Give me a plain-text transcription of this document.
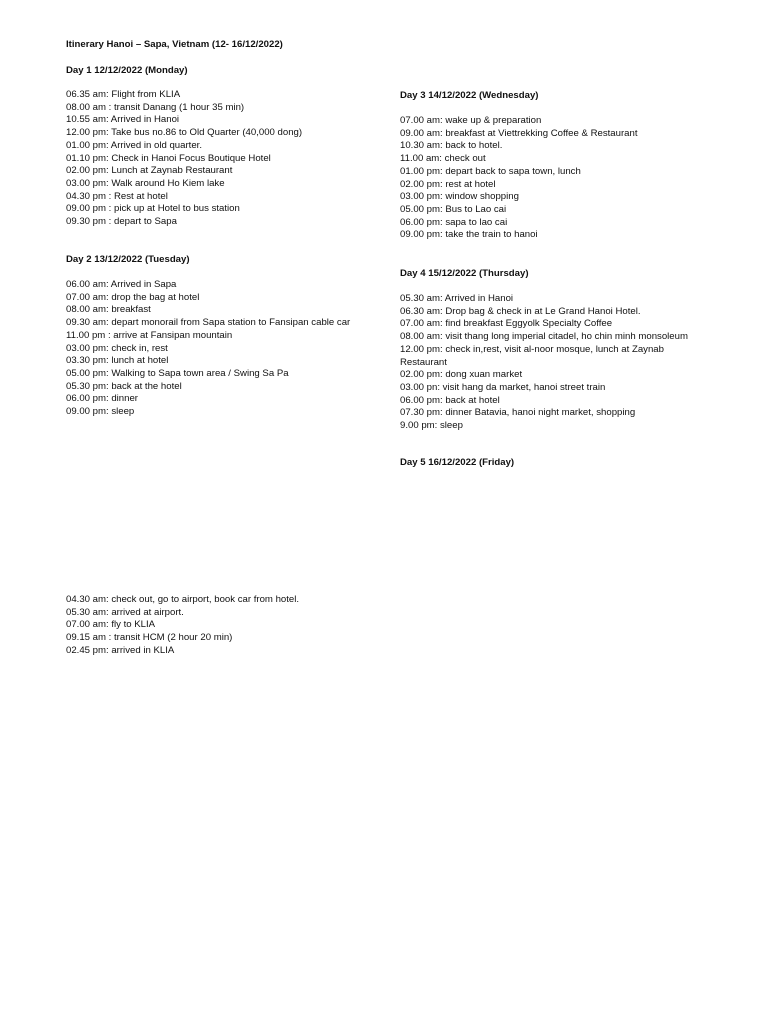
Itinerary Hanoi – Sapa, Vietnam (12- 16/12/2022)
Day 1 12/12/2022 (Monday)
06.35 am: Flight from KLIA
08.00 am : transit Danang (1 hour 35 min)
10.55 am: Arrived in Hanoi
12.00 pm: Take bus no.86 to Old Quarter (40,000 dong)
01.00 pm: Arrived in old quarter.
01.10 pm: Check in Hanoi Focus Boutique Hotel
02.00 pm: Lunch at Zaynab Restaurant
03.00 pm: Walk around Ho Kiem lake
04.30 pm : Rest at hotel
09.00 pm : pick up at Hotel to bus station
09.30 pm : depart to Sapa
Day 2 13/12/2022 (Tuesday)
06.00 am: Arrived in Sapa
07.00 am: drop the bag at hotel
08.00 am: breakfast
09.30 am: depart monorail from Sapa station to Fansipan cable car
11.00 pm : arrive at Fansipan mountain
03.00 pm: check in, rest
03.30 pm: lunch at hotel
05.00 pm: Walking to Sapa town area / Swing Sa Pa
05.30 pm: back at the hotel
06.00 pm: dinner
09.00 pm: sleep
Day 3 14/12/2022 (Wednesday)
07.00 am: wake up & preparation
09.00 am: breakfast at Viettrekking Coffee & Restaurant
10.30 am: back to hotel.
11.00 am: check out
01.00 pm: depart back to sapa town, lunch
02.00 pm: rest at hotel
03.00 pm: window shopping
05.00 pm: Bus to Lao cai
06.00 pm: sapa to lao cai
09.00 pm: take the train to hanoi
Day 4 15/12/2022 (Thursday)
05.30 am: Arrived in Hanoi
06.30 am: Drop bag & check in at Le Grand Hanoi Hotel.
07.00 am: find breakfast Eggyolk Specialty Coffee
08.00 am: visit thang long imperial citadel, ho chin minh monsoleum
12.00 pm: check in,rest, visit al-noor mosque, lunch at Zaynab Restaurant
02.00 pm: dong xuan market
03.00 pn: visit hang da market, hanoi street train
06.00 pm: back at hotel
07.30 pm: dinner Batavia, hanoi night market, shopping
9.00 pm: sleep
Day 5 16/12/2022 (Friday)
04.30 am: check out, go to airport, book car from hotel.
05.30 am: arrived at airport.
07.00 am: fly to KLIA
09.15 am : transit HCM (2 hour 20 min)
02.45 pm: arrived in KLIA
